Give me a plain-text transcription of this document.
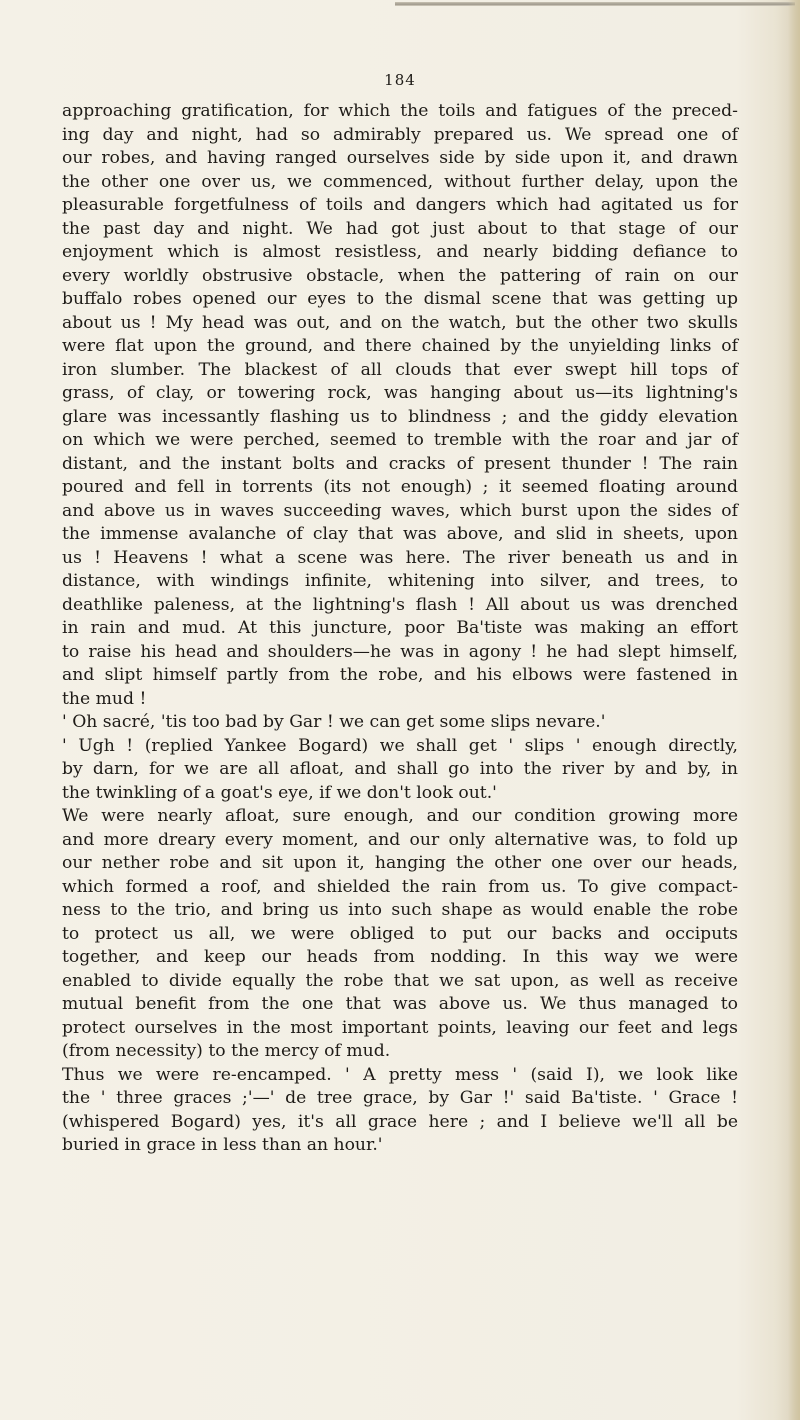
184
approaching gratification, for which the toils and fatigues of the preced-
ing day and night, had so admirably prepared us. We spread one of
our robes, and having ranged ourselves side by side upon it, and drawn
the other one over us, we commenced, without further delay, upon the
pleasurable forgetfulness of toils and dangers which had agitated us for
the past day and night. We had got just about to that stage of our
enjoyment which is almost resistless, and nearly bidding defiance to
every worldly obstrusive obstacle, when the pattering of rain on our
buffalo robes opened our eyes to the dismal scene that was getting up
about us ! My head was out, and on the watch, but the other two skulls
were flat upon the ground, and there chained by the unyielding links of
iron slumber. The blackest of all clouds that ever swept hill tops of
grass, of clay, or towering rock, was hanging about us—its lightning's
glare was incessantly flashing us to blindness ; and the giddy elevation
on which we were perched, seemed to tremble with the roar and jar of
distant, and the instant bolts and cracks of present thunder ! The rain
poured and fell in torrents (its not enough) ; it seemed floating around
and above us in waves succeeding waves, which burst upon the sides of
the immense avalanche of clay that was above, and slid in sheets, upon
us ! Heavens ! what a scene was here. The river beneath us and in
distance, with windings infinite, whitening into silver, and trees, to
deathlike paleness, at the lightning's flash ! All about us was drenched
in rain and mud. At this juncture, poor Ba'tiste was making an effort
to raise his head and shoulders—he was in agony ! he had slept himself,
and slipt himself partly from the robe, and his elbows were fastened in
the mud !
' Oh sacré, 'tis too bad by Gar ! we can get some slips nevare.'
' Ugh ! (replied Yankee Bogard) we shall get ' slips ' enough directly,
by darn, for we are all afloat, and shall go into the river by and by, in
the twinkling of a goat's eye, if we don't look out.'
We were nearly afloat, sure enough, and our condition growing more
and more dreary every moment, and our only alternative was, to fold up
our nether robe and sit upon it, hanging the other one over our heads,
which formed a roof, and shielded the rain from us. To give compact-
ness to the trio, and bring us into such shape as would enable the robe
to protect us all, we were obliged to put our backs and occiputs
together, and keep our heads from nodding. In this way we were
enabled to divide equally the robe that we sat upon, as well as receive
mutual benefit from the one that was above us. We thus managed to
protect ourselves in the most important points, leaving our feet and legs
(from necessity) to the mercy of mud.
Thus we were re-encamped. ' A pretty mess ' (said I), we look like
the ' three graces ;'—' de tree grace, by Gar !' said Ba'tiste. ' Grace !
(whispered Bogard) yes, it's all grace here ; and I believe we'll all be
buried in grace in less than an hour.'
